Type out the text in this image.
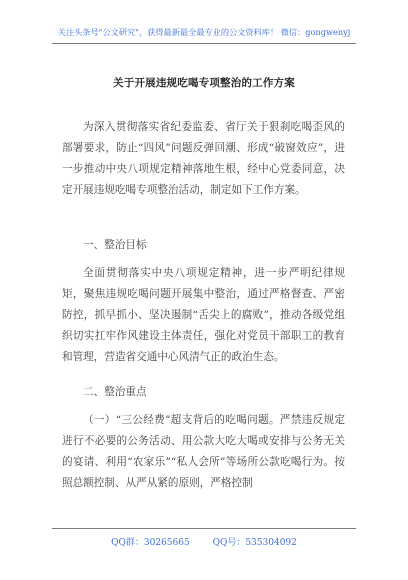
关注头条号"公文研究"，获得最新最全最专业的公文资料库！ 微信：gongwenyj
关于开展违规吃喝专项整治的工作方案
为深入贯彻落实省纪委监委、省厅关于狠刹吃喝歪风的部署要求，防止“四风”问题反弹回潮、形成“破窗效应”，进一步推动中央八项规定精神落地生根，经中心党委同意，决定开展违规吃喝专项整治活动，制定如下工作方案。
一、整治目标
全面贯彻落实中央八项规定精神，进一步严明纪律规矩，聚焦违规吃喝问题开展集中整治，通过严格督查、严密防控，抓早抓小、坚决遏制“舌尖上的腐败”，推动各级党组织切实扛牢作风建设主体责任，强化对党员干部职工的教育和管理，营造省交通中心风清气正的政治生态。
二、整治重点
（一）“三公经费”超支背后的吃喝问题。严禁违反规定进行不必要的公务活动、用公款大吃大喝或安排与公务无关的宴请、利用“农家乐”“私人会所”等场所公款吃喝行为。按照总额控制、从严从紧的原则，严格控制
QQ群：30265665	QQ号：535304092
